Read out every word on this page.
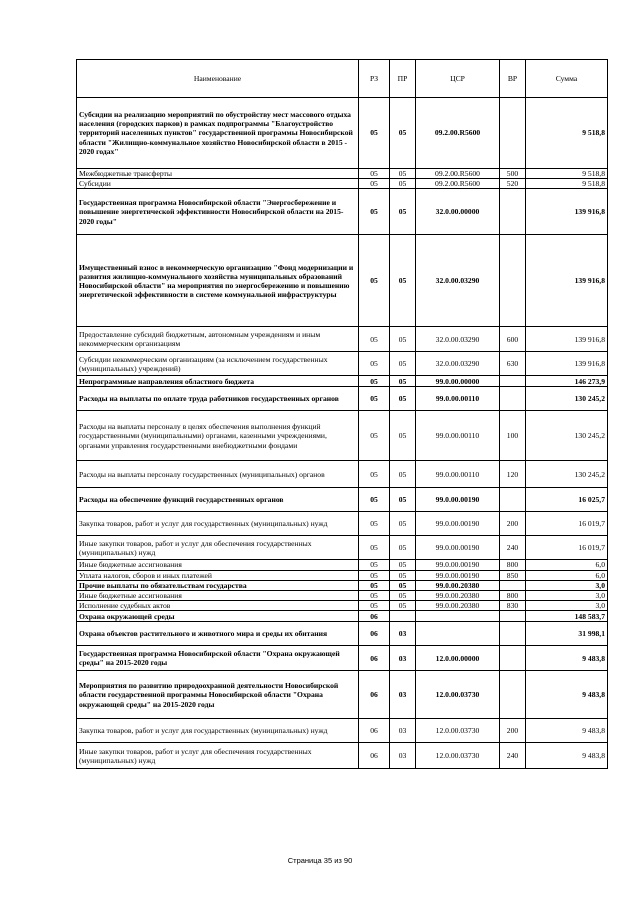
Наименование	РЗ	ПР	ЦСР	ВР	Сумма
Субсидии на реализацию мероприятий по обустройству мест массового отдыха населения (городских парков) в рамках подпрограммы "Благоустройство территорий населенных пунктов" государственной программы Новосибирской области "Жилищно-коммунальное хозяйство Новосибирской области в 2015 - 2020 годах"	05	05	09.2.00.R5600		9 518,8
Межбюджетные трансферты	05	05	09.2.00.R5600	500	9 518,8
Субсидии	05	05	09.2.00.R5600	520	9 518,8
Государственная программа Новосибирской области "Энергосбережение и повышение энергетической эффективности Новосибирской области на 2015- 2020 годы"	05	05	32.0.00.00000		139 916,8
Имущественный взнос в некоммерческую организацию "Фонд модернизации и развития жилищно-коммунального хозяйства муниципальных образований Новосибирской области" на мероприятия по энергосбережению и повышению энергетической эффективности в системе коммунальной инфраструктуры	05	05	32.0.00.03290		139 916,8
Предоставление субсидий бюджетным, автономным учреждениям и иным некоммерческим организациям	05	05	32.0.00.03290	600	139 916,8
Субсидии некоммерческим организациям (за исключением государственных (муниципальных) учреждений)	05	05	32.0.00.03290	630	139 916,8
Непрограммные направления областного бюджета	05	05	99.0.00.00000		146 273,9
Расходы на выплаты по оплате труда работников государственных органов	05	05	99.0.00.00110		130 245,2
Расходы на выплаты персоналу в целях обеспечения выполнения функций государственными (муниципальными) органами, казенными учреждениями, органами управления государственными внебюджетными фондами	05	05	99.0.00.00110	100	130 245,2
Расходы на выплаты персоналу государственных (муниципальных) органов	05	05	99.0.00.00110	120	130 245,2
Расходы на обеспечение функций государственных органов	05	05	99.0.00.00190		16 025,7
Закупка товаров, работ и услуг для государственных (муниципальных) нужд	05	05	99.0.00.00190	200	16 019,7
Иные закупки товаров, работ и услуг для обеспечения государственных (муниципальных) нужд	05	05	99.0.00.00190	240	16 019,7
Иные бюджетные ассигнования	05	05	99.0.00.00190	800	6,0
Уплата налогов, сборов и иных платежей	05	05	99.0.00.00190	850	6,0
Прочие выплаты по обязательствам государства	05	05	99.0.00.20380		3,0
Иные бюджетные ассигнования	05	05	99.0.00.20380	800	3,0
Исполнение судебных актов	05	05	99.0.00.20380	830	3,0
Охрана окружающей среды	06				148 583,7
Охрана объектов растительного и животного мира и среды их обитания	06	03			31 998,1
Государственная программа Новосибирской области "Охрана окружающей среды" на 2015-2020 годы	06	03	12.0.00.00000		9 483,8
Мероприятия по развитию природоохранной деятельности Новосибирской области государственной программы Новосибирской области "Охрана окружающей среды" на 2015-2020 годы	06	03	12.0.00.03730		9 483,8
Закупка товаров, работ и услуг для государственных (муниципальных) нужд	06	03	12.0.00.03730	200	9 483,8
Иные закупки товаров, работ и услуг для обеспечения государственных (муниципальных) нужд	06	03	12.0.00.03730	240	9 483,8
Страница 35 из 90
